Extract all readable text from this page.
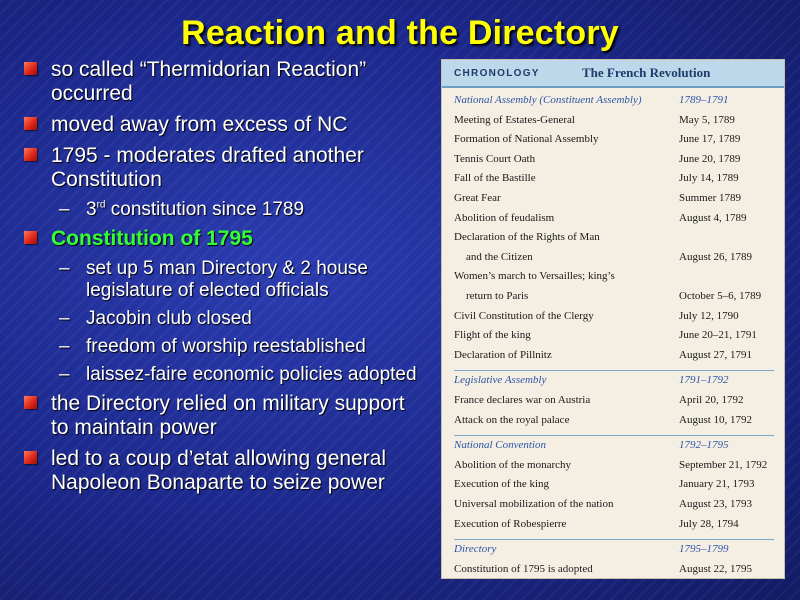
Reaction and the Directory
so called “Thermidorian Reaction” occurred
moved away from excess of NC
1795 - moderates drafted another Constitution
– 3rd constitution since 1789
Constitution of 1795
– set up 5 man Directory & 2 house legislature of elected officials
– Jacobin club closed
– freedom of worship reestablished
– laissez-faire economic policies adopted
the Directory relied on military support to maintain power
led to a coup d’etat allowing general Napoleon Bonaparte to seize power
CHRONOLOGY	The French Revolution
National Assembly (Constituent Assembly)	1789–1791
Meeting of Estates-General	May 5, 1789
Formation of National Assembly	June 17, 1789
Tennis Court Oath	June 20, 1789
Fall of the Bastille	July 14, 1789
Great Fear	Summer 1789
Abolition of feudalism	August 4, 1789
Declaration of the Rights of Man
and the Citizen	August 26, 1789
Women’s march to Versailles; king’s
return to Paris	October 5–6, 1789
Civil Constitution of the Clergy	July 12, 1790
Flight of the king	June 20–21, 1791
Declaration of Pillnitz	August 27, 1791
Legislative Assembly	1791–1792
France declares war on Austria	April 20, 1792
Attack on the royal palace	August 10, 1792
National Convention	1792–1795
Abolition of the monarchy	September 21, 1792
Execution of the king	January 21, 1793
Universal mobilization of the nation	August 23, 1793
Execution of Robespierre	July 28, 1794
Directory	1795–1799
Constitution of 1795 is adopted	August 22, 1795
